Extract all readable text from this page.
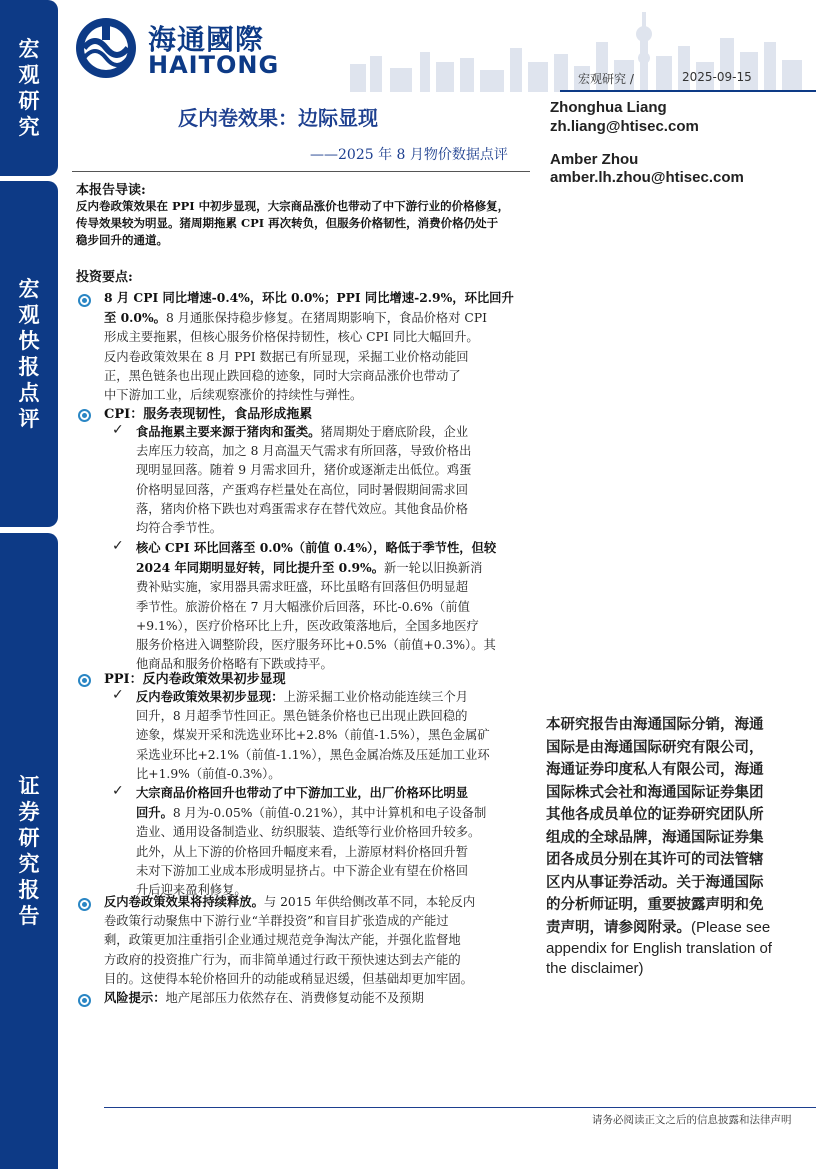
宏
观
研
究
宏
观
快
报
点
评
证
券
研
究
报
告
海通國際
HAITONG	宏观研究 /	2025-09-15
反内卷效果：边际显现
——2025 年 8 月物价数据点评
Zhonghua Liang
zh.liang@htisec.com
Amber Zhou
amber.lh.zhou@htisec.com
本报告导读:
反内卷政策效果在 PPI 中初步显现，大宗商品涨价也带动了中下游行业的价格修复，
传导效果较为明显。猪周期拖累 CPI 再次转负，但服务价格韧性，消费价格仍处于
稳步回升的通道。
投资要点:
8 月 CPI 同比增速-0.4%，环比 0.0%；PPI 同比增速-2.9%，环比回升
至 0.0%。8 月通胀保持稳步修复。在猪周期影响下，食品价格对 CPI
形成主要拖累，但核心服务价格保持韧性，核心 CPI 同比大幅回升。
反内卷政策效果在 8 月 PPI 数据已有所显现，采掘工业价格动能回
正，黑色链条也出现止跌回稳的迹象，同时大宗商品涨价也带动了
中下游加工业，后续观察涨价的持续性与弹性。
CPI：服务表现韧性，食品形成拖累
✓ 食品拖累主要来源于猪肉和蛋类。猪周期处于磨底阶段，企业
去库压力较高，加之 8 月高温天气需求有所回落，导致价格出
现明显回落。随着 9 月需求回升，猪价或逐渐走出低位。鸡蛋
价格明显回落，产蛋鸡存栏量处在高位，同时暑假期间需求回
落，猪肉价格下跌也对鸡蛋需求存在替代效应。其他食品价格
均符合季节性。
✓ 核心 CPI 环比回落至 0.0%（前值 0.4%），略低于季节性，但较
2024 年同期明显好转，同比提升至 0.9%。新一轮以旧换新消
费补贴实施，家用器具需求旺盛，环比虽略有回落但仍明显超
季节性。旅游价格在 7 月大幅涨价后回落，环比-0.6%（前值
+9.1%），医疗价格环比上升，医改政策落地后，全国多地医疗
服务价格进入调整阶段，医疗服务环比+0.5%（前值+0.3%）。其
他商品和服务价格略有下跌或持平。
PPI：反内卷政策效果初步显现
✓ 反内卷政策效果初步显现：上游采掘工业价格动能连续三个月
回升，8 月超季节性回正。黑色链条价格也已出现止跌回稳的
迹象，煤炭开采和洗选业环比+2.8%（前值-1.5%），黑色金属矿
采选业环比+2.1%（前值-1.1%），黑色金属冶炼及压延加工业环
比+1.9%（前值-0.3%）。
✓ 大宗商品价格回升也带动了中下游加工业，出厂价格环比明显
回升。8 月为-0.05%（前值-0.21%），其中计算机和电子设备制
造业、通用设备制造业、纺织服装、造纸等行业价格回升较多。
此外，从上下游的价格回升幅度来看，上游原材料价格回升暂
未对下游加工业成本形成明显挤占。中下游企业有望在价格回
升后迎来盈利修复。
反内卷政策效果将持续释放。与 2015 年供给侧改革不同，本轮反内
卷政策行动聚焦中下游行业“羊群投资”和盲目扩张造成的产能过
剩，政策更加注重指引企业通过规范竞争淘汰产能，并强化监督地
方政府的投资推广行为，而非简单通过行政干预快速达到去产能的
目的。这使得本轮价格回升的动能或稍显迟缓，但基础却更加牢固。
风险提示：地产尾部压力依然存在、消费修复动能不及预期
本研究报告由海通国际分销，海通
国际是由海通国际研究有限公司，
海通证券印度私人有限公司，海通
国际株式会社和海通国际证券集团
其他各成员单位的证券研究团队所
组成的全球品牌，海通国际证券集
团各成员分别在其许可的司法管辖
区内从事证券活动。关于海通国际
的分析师证明，重要披露声明和免
责声明，请参阅附录。(Please see
appendix for English translation of
the disclaimer)
请务必阅读正文之后的信息披露和法律声明
